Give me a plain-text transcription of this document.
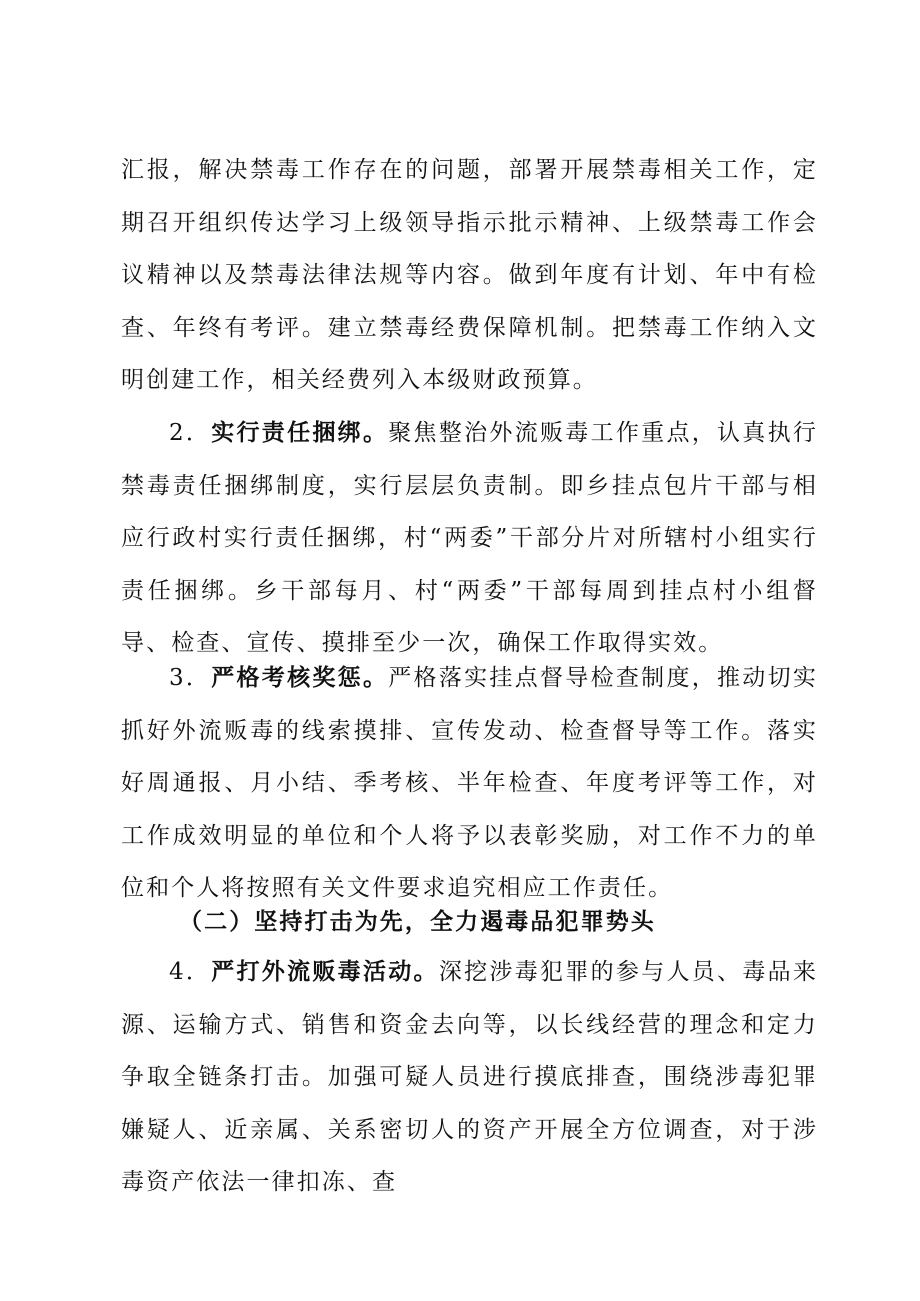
汇报，解决禁毒工作存在的问题，部署开展禁毒相关工作，定期召开组织传达学习上级领导指示批示精神、上级禁毒工作会议精神以及禁毒法律法规等内容。做到年度有计划、年中有检查、年终有考评。建立禁毒经费保障机制。把禁毒工作纳入文明创建工作，相关经费列入本级财政预算。

2．实行责任捆绑。聚焦整治外流贩毒工作重点，认真执行禁毒责任捆绑制度，实行层层负责制。即乡挂点包片干部与相应行政村实行责任捆绑，村“两委”干部分片对所辖村小组实行责任捆绑。乡干部每月、村“两委”干部每周到挂点村小组督导、检查、宣传、摸排至少一次，确保工作取得实效。

3．严格考核奖惩。严格落实挂点督导检查制度，推动切实抓好外流贩毒的线索摸排、宣传发动、检查督导等工作。落实好周通报、月小结、季考核、半年检查、年度考评等工作，对工作成效明显的单位和个人将予以表彰奖励，对工作不力的单位和个人将按照有关文件要求追究相应工作责任。

（二）坚持打击为先，全力遏毒品犯罪势头

4．严打外流贩毒活动。深挖涉毒犯罪的参与人员、毒品来源、运输方式、销售和资金去向等，以长线经营的理念和定力争取全链条打击。加强可疑人员进行摸底排查，围绕涉毒犯罪嫌疑人、近亲属、关系密切人的资产开展全方位调查，对于涉毒资产依法一律扣冻、查
